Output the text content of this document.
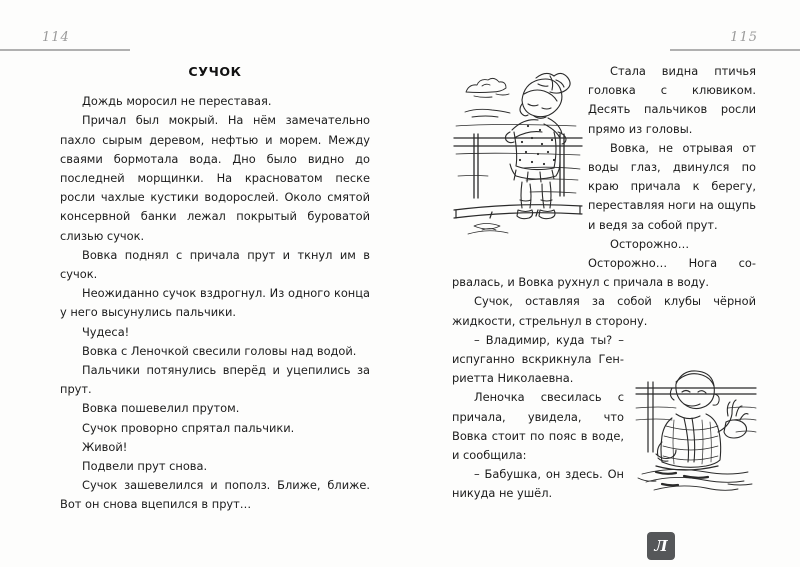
114	115
СУЧОК

Дождь моросил не переставая.

Причал был мокрый. На нём замечательно пахло сырым деревом, нефтью и морем. Между сваями бормотала вода. Дно было видно до последней морщинки. На красноватом песке росли чахлые кустики водорослей. Около смятой консервной банки лежал покрытый буроватой слизью сучок.

Вовка поднял с причала прут и ткнул им в сучок.

Неожиданно сучок вздрогнул. Из одного конца у него высунулись пальчики.

Чудеса!

Вовка с Леночкой свесили головы над водой.

Пальчики потянулись вперёд и уцепились за прут.

Вовка пошевелил прутом.

Сучок проворно спрятал пальчики.

Живой!

Подвели прут снова.

Сучок зашевелился и пополз. Ближе, ближе. Вот он снова вцепился в прут…

Стала видна птичья головка с клювиком. Десять пальчиков росли прямо из головы.

Вовка, не отрывая от воды глаз, двинулся по краю причала к берегу, переставляя ноги на ощупь и ведя за собой прут.

Осторожно… Осторожно… Нога сорвалась, и Вовка рухнул с причала в воду.

Сучок, оставляя за собой клубы чёрной жидкости, стрельнул в сторону.

– Владимир, куда ты? – испуганно вскрикнула Генриетта Николаевна.

Леночка свесилась с причала, увидела, что Вовка стоит по пояс в воде, и сообщила:

– Бабушка, он здесь. Он никуда не ушёл.

Л
